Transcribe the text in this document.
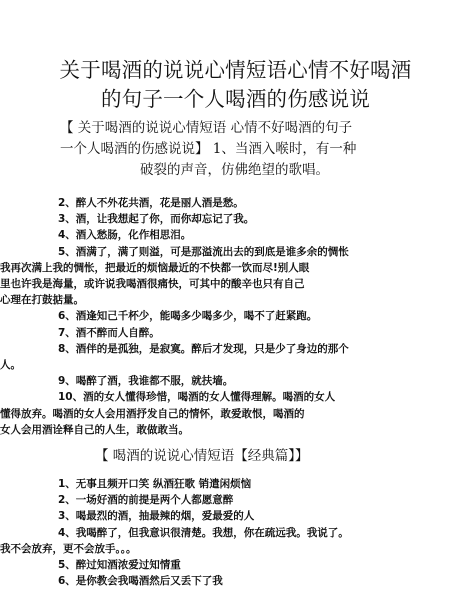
关于喝酒的说说心情短语心情不好喝酒
的句子一个人喝酒的伤感说说

【 关于喝酒的说说心情短语 心情不好喝酒的句子
一个人喝酒的伤感说说】 1、当酒入喉时，有一种
破裂的声音，仿佛绝望的歌唱。

2、醉人不外花共酒，花是丽人酒是愁。
3、酒，让我想起了你，而你却忘记了我。
4、酒入愁肠，化作相思泪。
5、酒满了，满了则溢，可是那溢流出去的到底是谁多余的惆怅
我再次满上我的惆怅，把最近的烦恼最近的不快都一饮而尽!别人眼
里也许我是海量，或许说我喝酒很痛快，可其中的酸辛也只有自己
心理在打鼓掂量。
6、酒逢知己千杯少，能喝多少喝多少，喝不了赶紧跑。
7、酒不醉而人自醉。
8、酒伴的是孤独，是寂寞。醉后才发现，只是少了身边的那个
人。
9、喝醉了酒，我谁都不服，就扶墙。
10、酒的女人懂得珍惜，喝酒的女人懂得理解。喝酒的女人
懂得放弃。喝酒的女人会用酒抒发自己的情怀，敢爱敢恨，喝酒的
女人会用酒诠释自己的人生，敢做敢当。
【 喝酒的说说心情短语【经典篇】】
1、无事且频开口笑 纵酒狂歌 销遣闲烦恼
2、一场好酒的前提是两个人都愿意醉
3、喝最烈的酒，抽最辣的烟，爱最爱的人
4、我喝醉了，但我意识很清楚。我想，你在疏远我。我说了。
我不会放弃，更不会放手。。。
5、醉过知酒浓爱过知情重
6、是你教会我喝酒然后又丢下了我
